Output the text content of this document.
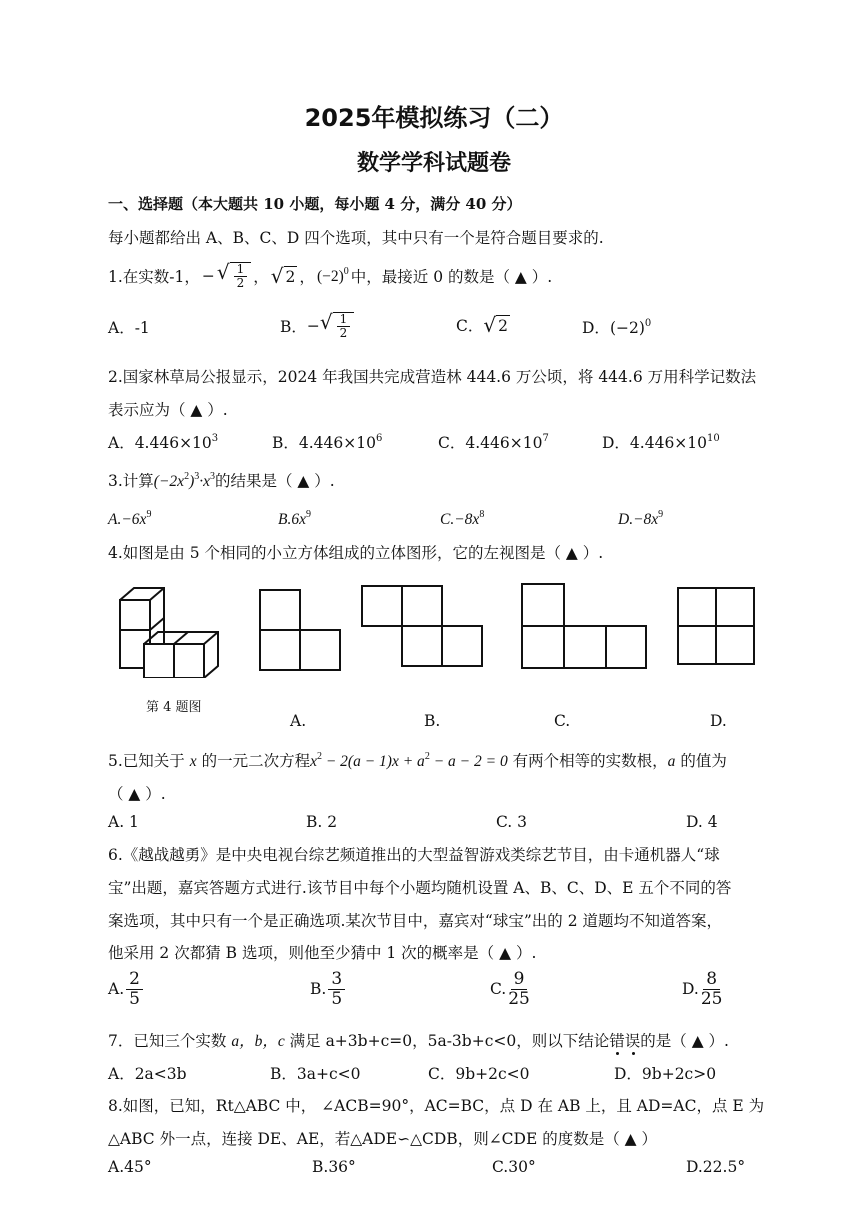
2025年模拟练习（二）
数学学科试题卷
一、选择题（本大题共 10 小题，每小题 4 分，满分 40 分）
每小题都给出 A、B、C、D 四个选项，其中只有一个是符合题目要求的.
1.在实数-1， − √ $\frac{1}{2}$ ， √ 2 ， $(-2)^0$ 中，最接近 0 的数是（ ▲ ）.
A．-1	B． − √ $\frac{1}{2}$	C． √ 2	D．$(-2)^0$
2.国家林草局公报显示，2024 年我国共完成营造林 444.6 万公顷，将 444.6 万用科学记数法
表示应为（ ▲ ）.
A．$4.446\times 10^3$	B．$4.446\times 10^6$	C．$4.446\times 10^7$	D．$4.446\times 10^{10}$
3.计算$(-2x^2)^3\cdot x^3$的结果是（ ▲ ）.
$A.-6x^9$	$B.6x^9$	$C.-8x^8$	$D.-8x^9$
4.如图是由 5 个相同的小立方体组成的立体图形，它的左视图是（ ▲ ）.
第 4 题图
A.	B.	C.	D.
5.已知关于 x 的一元二次方程$x^2 - 2(a - 1)x + a^2 - a - 2 = 0$ 有两个相等的实数根，a 的值为
（ ▲ ）.
A. 1	B. 2	C. 3	D. 4
6.《越战越勇》是中央电视台综艺频道推出的大型益智游戏类综艺节目，由卡通机器人“球
宝”出题，嘉宾答题方式进行.该节目中每个小题均随机设置 A、B、C、D、E 五个不同的答
案选项，其中只有一个是正确选项.某次节目中，嘉宾对“球宝”出的 2 道题均不知道答案，
他采用 2 次都猜 B 选项，则他至少猜中 1 次的概率是（ ▲ ）.
A. $\frac{2}{5}$	B. $\frac{3}{5}$	C. $\frac{9}{25}$	D. $\frac{8}{25}$
7．已知三个实数 a，b，c 满足 a+3b+c=0，5a-3b+c<0，则以下结论错误的是（ ▲ ）.
A．2a<3b	B．3a+c<0	C．9b+2c<0	D．9b+2c>0
8.如图，已知，Rt△ABC 中， ∠ACB=90°，AC=BC，点 D 在 AB 上，且 AD=AC，点 E 为
△ABC 外一点，连接 DE、AE，若△ADE∽△CDB，则∠CDE 的度数是（ ▲ ）
A.45°	B.36°	C.30°	D.22.5°
